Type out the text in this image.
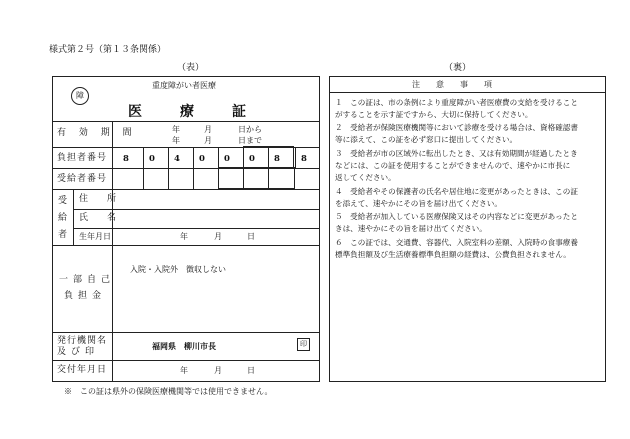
様式第２号（第１３条関係）
（表）	（裏）
障
重度障がい者医療
医　療　証
有 効 期 間	年	月	日から
年	月	日まで
負担者番号	8	0	4	0	0	0	8	8
受給者番号
受給者
住　所
氏　名
生年月日	年	月	日
一部自己
負担金
入院・入院外　徴収しない
発行機関名
及び印
福岡県　柳川市長	印
交付年月日	年	月	日
※　この証は県外の保険医療機関等では使用できません。
注　意　事　項
１　この証は、市の条例により重度障がい者医療費の支給を受けること
がすることを示す証ですから、大切に保持してください。
２　受給者が保険医療機関等において診療を受ける場合は、資格確認書
等に添えて、この証を必ず窓口に提出してください。
３　受給者が市の区域外に転出したとき、又は有効期間が経過したとき
などには、この証を使用することができませんので、速やかに市長に
返してください。
４　受給者やその保護者の氏名や居住地に変更があったときは、この証
を添えて、速やかにその旨を届け出てください。
５　受給者が加入している医療保険又はその内容などに変更があったと
きは、速やかにその旨を届け出てください。
６　この証では、交通費、容器代、入院室料の差額、入院時の食事療養
標準負担額及び生活療養標準負担額の経費は、公費負担されません。
